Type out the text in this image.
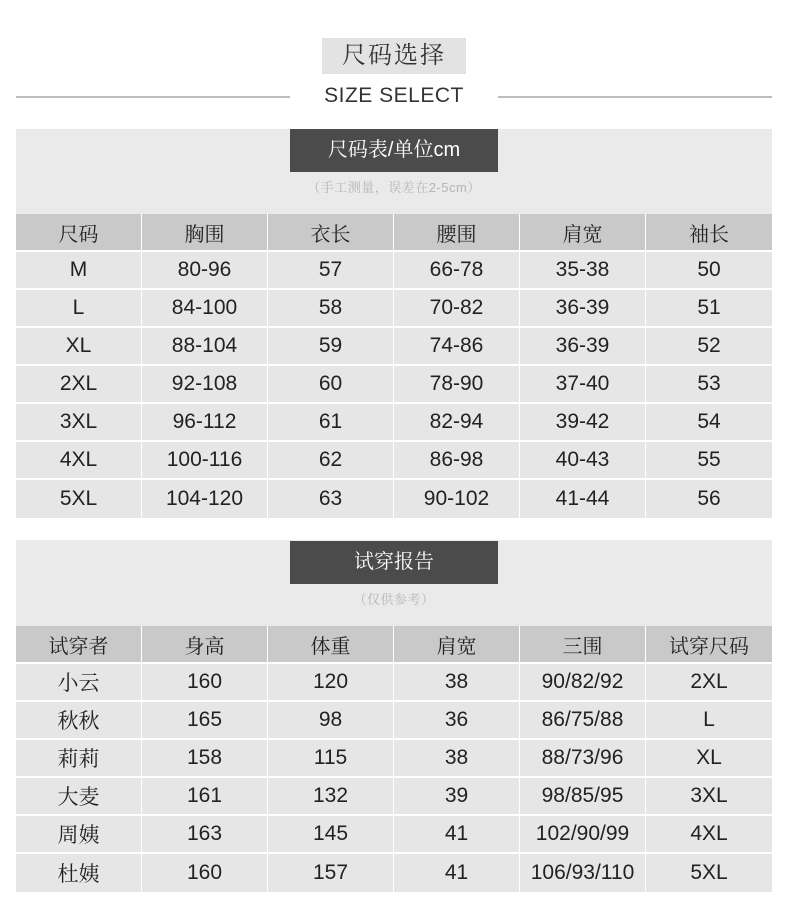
尺码选择
SIZE SELECT
尺码表/单位cm
（手工测量，误差在2-5cm）
尺码	胸围	衣长	腰围	肩宽	袖长
M	80-96	57	66-78	35-38	50
L	84-100	58	70-82	36-39	51
XL	88-104	59	74-86	36-39	52
2XL	92-108	60	78-90	37-40	53
3XL	96-112	61	82-94	39-42	54
4XL	100-116	62	86-98	40-43	55
5XL	104-120	63	90-102	41-44	56
试穿报告
（仅供参考）
试穿者	身高	体重	肩宽	三围	试穿尺码
小云	160	120	38	90/82/92	2XL
秋秋	165	98	36	86/75/88	L
莉莉	158	115	38	88/73/96	XL
大麦	161	132	39	98/85/95	3XL
周姨	163	145	41	102/90/99	4XL
杜姨	160	157	41	106/93/110	5XL
